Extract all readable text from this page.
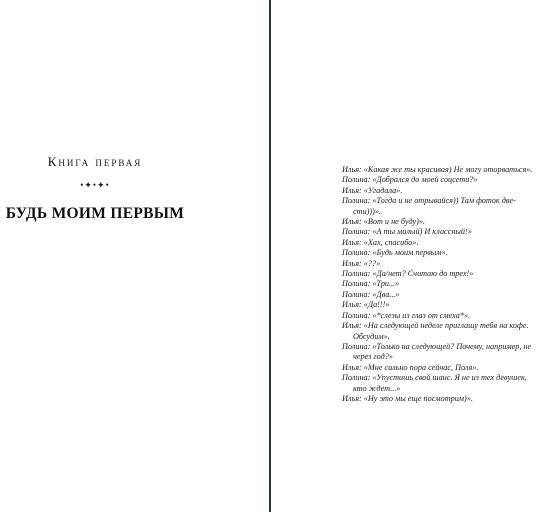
Книга первая
•✦•✦•
БУДЬ МОИМ ПЕРВЫМ
Илья: «Какая же ты красивая) Не могу оторваться».
Полина: «Добрался до моей соцсети?»
Илья: «Угадала».
Полина: «Тогда и не отрывайся)) Там фоток две-
сти)))».
Илья: «Вот и не буду)».
Полина: «А ты милый) И классный!»
Илья: «Хах, спасибо».
Полина: «Будь моим первым».
Илья: «??»
Полина: «Да/нет? Считаю до трех!»
Полина: «Три...»
Полина: «Два...»
Илья: «Да!!!»
Полина: «*слезы из глаз от смеха*».
Илья: «На следующей неделе приглашу тебя на кофе.
Обсудим».
Полина: «Только на следующей? Почему, например, не
через год?»
Илья: «Мне сильно пора сейчас, Поля».
Полина: «Упустишь свой шанс. Я не из тех девушек,
кто ждет...»
Илья: «Ну это мы еще посмотрим)».
